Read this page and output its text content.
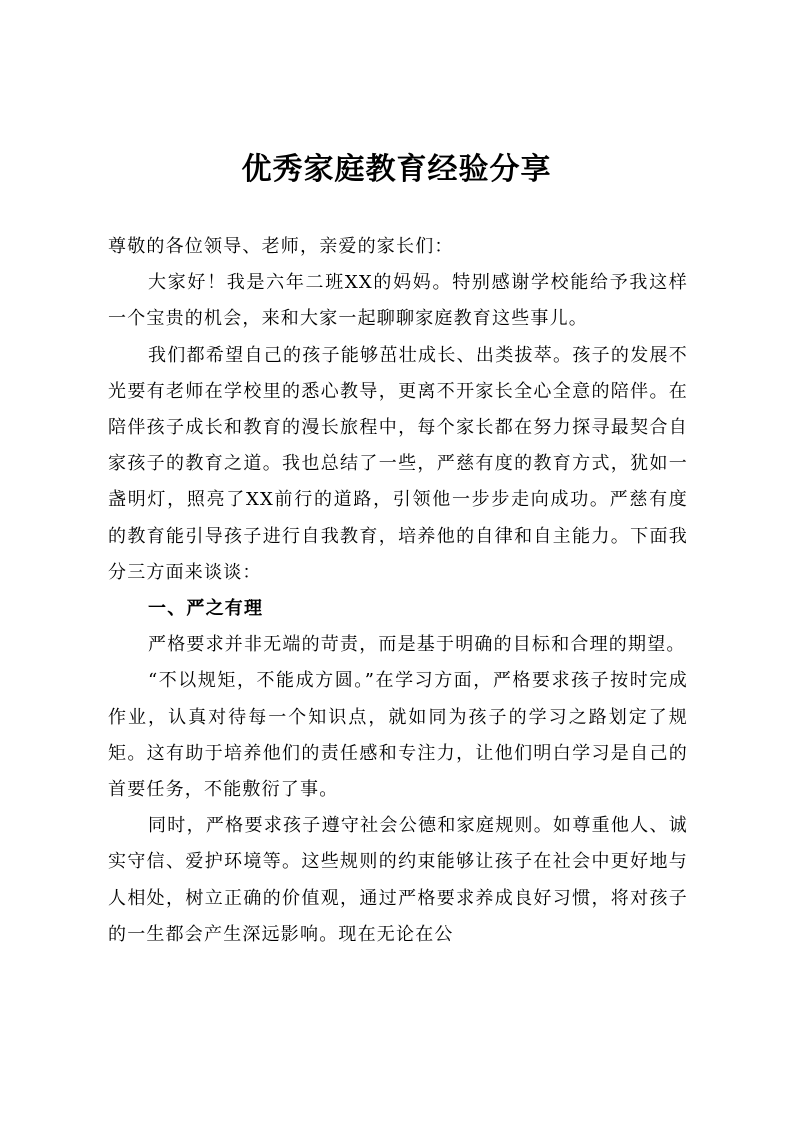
优秀家庭教育经验分享

尊敬的各位领导、老师，亲爱的家长们：

大家好！我是六年二班XX的妈妈。特别感谢学校能给予我这样一个宝贵的机会，来和大家一起聊聊家庭教育这些事儿。

我们都希望自己的孩子能够茁壮成长、出类拔萃。孩子的发展不光要有老师在学校里的悉心教导，更离不开家长全心全意的陪伴。在陪伴孩子成长和教育的漫长旅程中，每个家长都在努力探寻最契合自家孩子的教育之道。我也总结了一些，严慈有度的教育方式，犹如一盏明灯，照亮了XX前行的道路，引领他一步步走向成功。严慈有度的教育能引导孩子进行自我教育，培养他的自律和自主能力。下面我分三方面来谈谈：

一、严之有理

严格要求并非无端的苛责，而是基于明确的目标和合理的期望。

“不以规矩，不能成方圆。”在学习方面，严格要求孩子按时完成作业，认真对待每一个知识点，就如同为孩子的学习之路划定了规矩。这有助于培养他们的责任感和专注力，让他们明白学习是自己的首要任务，不能敷衍了事。

同时，严格要求孩子遵守社会公德和家庭规则。如尊重他人、诚实守信、爱护环境等。这些规则的约束能够让孩子在社会中更好地与人相处，树立正确的价值观，通过严格要求养成良好习惯，将对孩子的一生都会产生深远影响。现在无论在公
